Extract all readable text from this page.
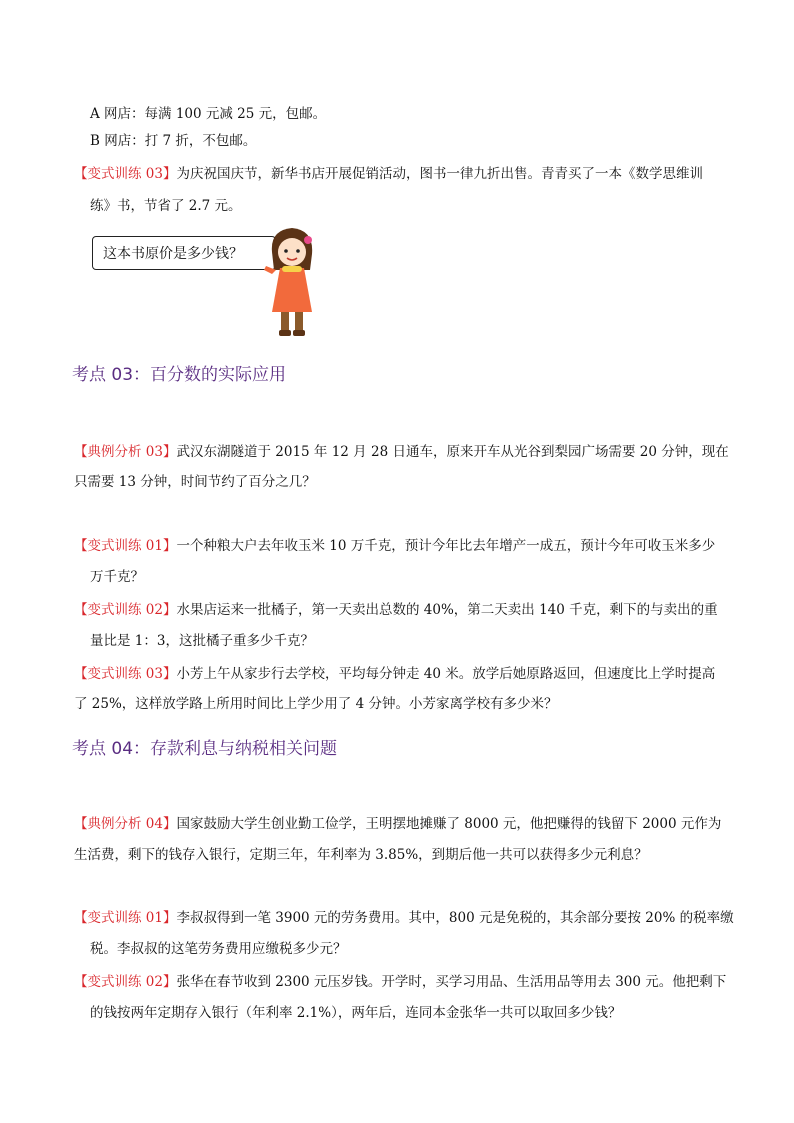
A 网店：每满 100 元减 25 元，包邮。
B 网店：打 7 折，不包邮。
【变式训练 03】为庆祝国庆节，新华书店开展促销活动，图书一律九折出售。青青买了一本《数学思维训
练》书，节省了 2.7 元。
这本书原价是多少钱？
考点 03：百分数的实际应用
【典例分析 03】武汉东湖隧道于 2015 年 12 月 28 日通车，原来开车从光谷到梨园广场需要 20 分钟，现在
只需要 13 分钟，时间节约了百分之几？
【变式训练 01】一个种粮大户去年收玉米 10 万千克，预计今年比去年增产一成五，预计今年可收玉米多少
万千克？
【变式训练 02】水果店运来一批橘子，第一天卖出总数的 40%，第二天卖出 140 千克，剩下的与卖出的重
量比是 1：3，这批橘子重多少千克？
【变式训练 03】小芳上午从家步行去学校，平均每分钟走 40 米。放学后她原路返回，但速度比上学时提高
了 25%，这样放学路上所用时间比上学少用了 4 分钟。小芳家离学校有多少米？
考点 04：存款利息与纳税相关问题
【典例分析 04】国家鼓励大学生创业勤工俭学，王明摆地摊赚了 8000 元，他把赚得的钱留下 2000 元作为
生活费，剩下的钱存入银行，定期三年，年利率为 3.85%，到期后他一共可以获得多少元利息？
【变式训练 01】李叔叔得到一笔 3900 元的劳务费用。其中，800 元是免税的，其余部分要按 20% 的税率缴
税。李叔叔的这笔劳务费用应缴税多少元？
【变式训练 02】张华在春节收到 2300 元压岁钱。开学时，买学习用品、生活用品等用去 300 元。他把剩下
的钱按两年定期存入银行（年利率 2.1%），两年后，连同本金张华一共可以取回多少钱？
